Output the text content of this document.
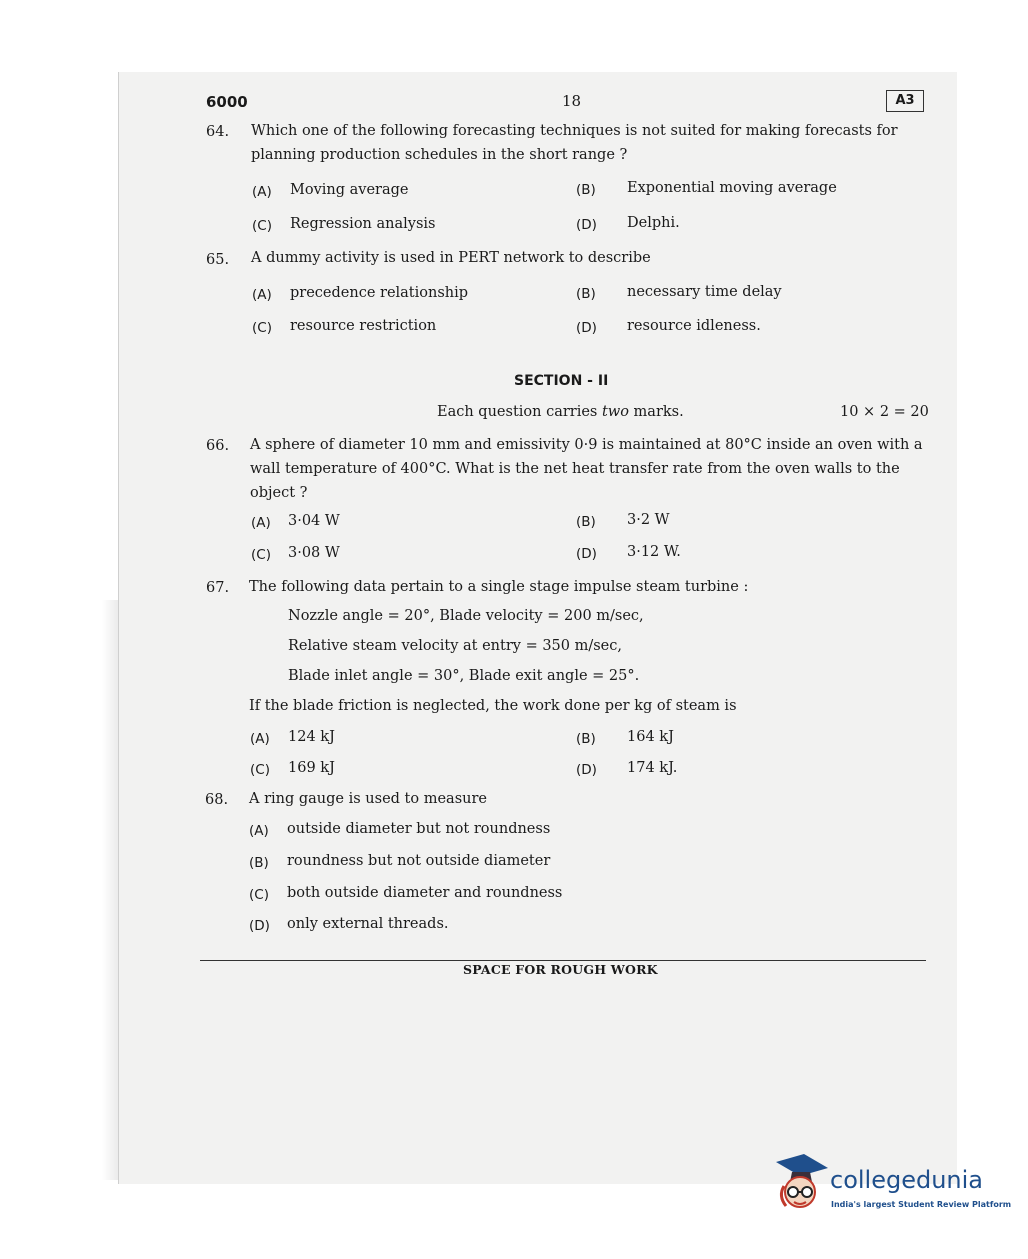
6000	18	A3
64. Which one of the following forecasting techniques is not suited for making forecasts for planning production schedules in the short range ?
(A) Moving average	(B) Exponential moving average
(C) Regression analysis	(D) Delphi.
65. A dummy activity is used in PERT network to describe
(A) precedence relationship	(B) necessary time delay
(C) resource restriction	(D) resource idleness.
SECTION - II
Each question carries two marks.	10 × 2 = 20
66. A sphere of diameter 10 mm and emissivity 0·9 is maintained at 80°C inside an oven with a wall temperature of 400°C. What is the net heat transfer rate from the oven walls to the object ?
(A) 3·04 W	(B) 3·2 W
(C) 3·08 W	(D) 3·12 W.
67. The following data pertain to a single stage impulse steam turbine :
Nozzle angle = 20°, Blade velocity = 200 m/sec,
Relative steam velocity at entry = 350 m/sec,
Blade inlet angle = 30°, Blade exit angle = 25°.
If the blade friction is neglected, the work done per kg of steam is
(A) 124 kJ	(B) 164 kJ
(C) 169 kJ	(D) 174 kJ.
68. A ring gauge is used to measure
(A) outside diameter but not roundness
(B) roundness but not outside diameter
(C) both outside diameter and roundness
(D) only external threads.
SPACE FOR ROUGH WORK
collegedunia
India's largest Student Review Platform
